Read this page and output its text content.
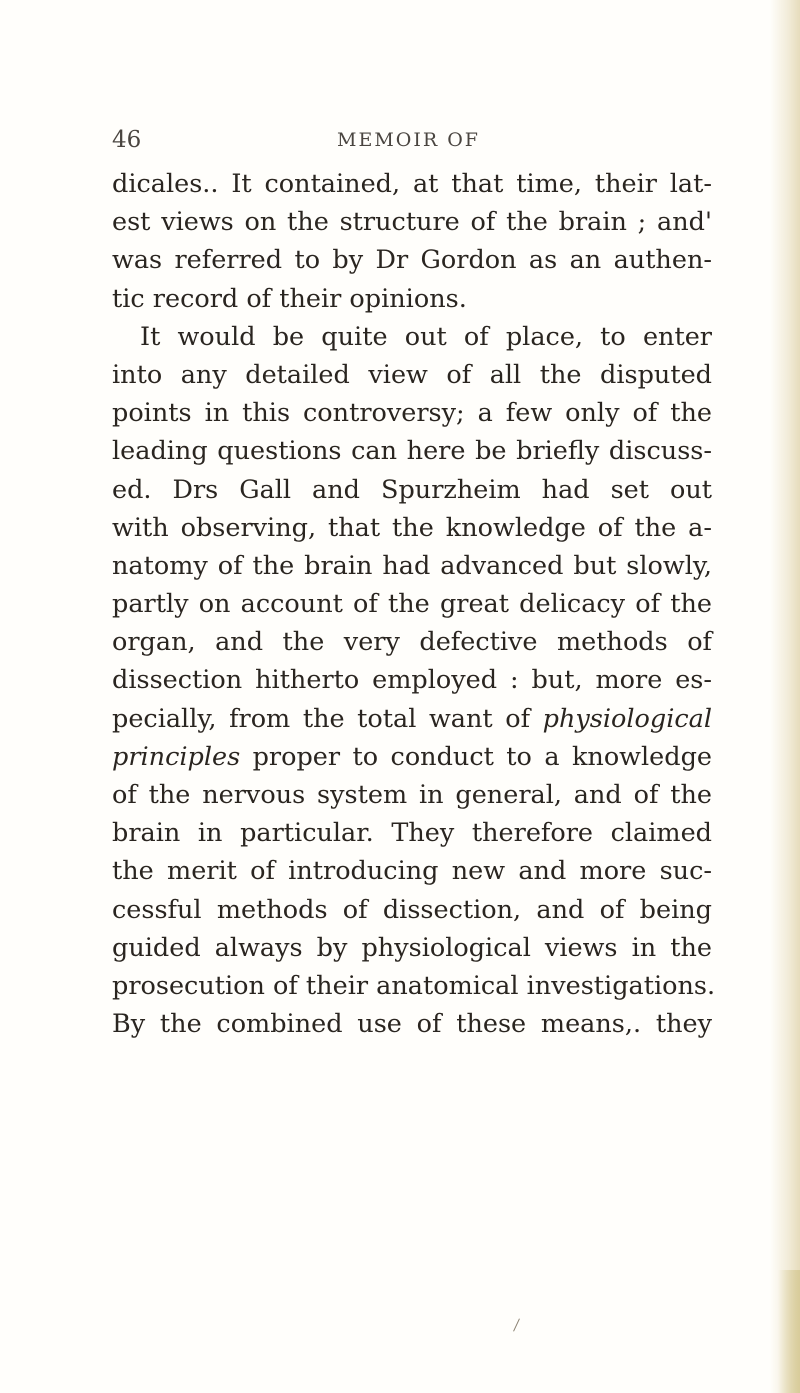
46	MEMOIR OF
dicales.. It contained, at that time, their lat-
est views on the structure of the brain ; and'
was referred to by Dr Gordon as an authen-
tic record of their opinions.
It would be quite out of place, to enter
into any detailed view of all the disputed
points in this controversy; a few only of the
leading questions can here be briefly discuss-
ed. Drs Gall and Spurzheim had set out
with observing, that the knowledge of the a-
natomy of the brain had advanced but slowly,
partly on account of the great delicacy of the
organ, and the very defective methods of
dissection hitherto employed : but, more es-
pecially, from the total want of physiological
principles proper to conduct to a knowledge
of the nervous system in general, and of the
brain in particular. They therefore claimed
the merit of introducing new and more suc-
cessful methods of dissection, and of being
guided always by physiological views in the
prosecution of their anatomical investigations.
By the combined use of these means,. they
